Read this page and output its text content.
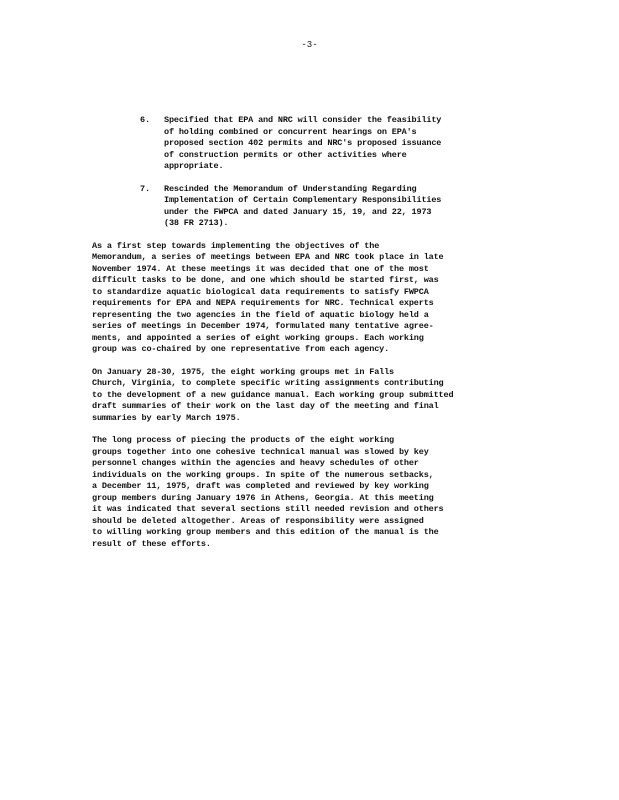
-3-
6. Specified that EPA and NRC will consider the feasibility
of holding combined or concurrent hearings on EPA's
proposed section 402 permits and NRC's proposed issuance
of construction permits or other activities where
appropriate.
7. Rescinded the Memorandum of Understanding Regarding
Implementation of Certain Complementary Responsibilities
under the FWPCA and dated January 15, 19, and 22, 1973
(38 FR 2713).

As a first step towards implementing the objectives of the
Memorandum, a series of meetings between EPA and NRC took place in late
November 1974. At these meetings it was decided that one of the most
difficult tasks to be done, and one which should be started first, was
to standardize aquatic biological data requirements to satisfy FWPCA
requirements for EPA and NEPA requirements for NRC. Technical experts
representing the two agencies in the field of aquatic biology held a
series of meetings in December 1974, formulated many tentative agree-
ments, and appointed a series of eight working groups. Each working
group was co-chaired by one representative from each agency.

On January 28-30, 1975, the eight working groups met in Falls
Church, Virginia, to complete specific writing assignments contributing
to the development of a new guidance manual. Each working group submitted
draft summaries of their work on the last day of the meeting and final
summaries by early March 1975.

The long process of piecing the products of the eight working
groups together into one cohesive technical manual was slowed by key
personnel changes within the agencies and heavy schedules of other
individuals on the working groups. In spite of the numerous setbacks,
a December 11, 1975, draft was completed and reviewed by key working
group members during January 1976 in Athens, Georgia. At this meeting
it was indicated that several sections still needed revision and others
should be deleted altogether. Areas of responsibility were assigned
to willing working group members and this edition of the manual is the
result of these efforts.
